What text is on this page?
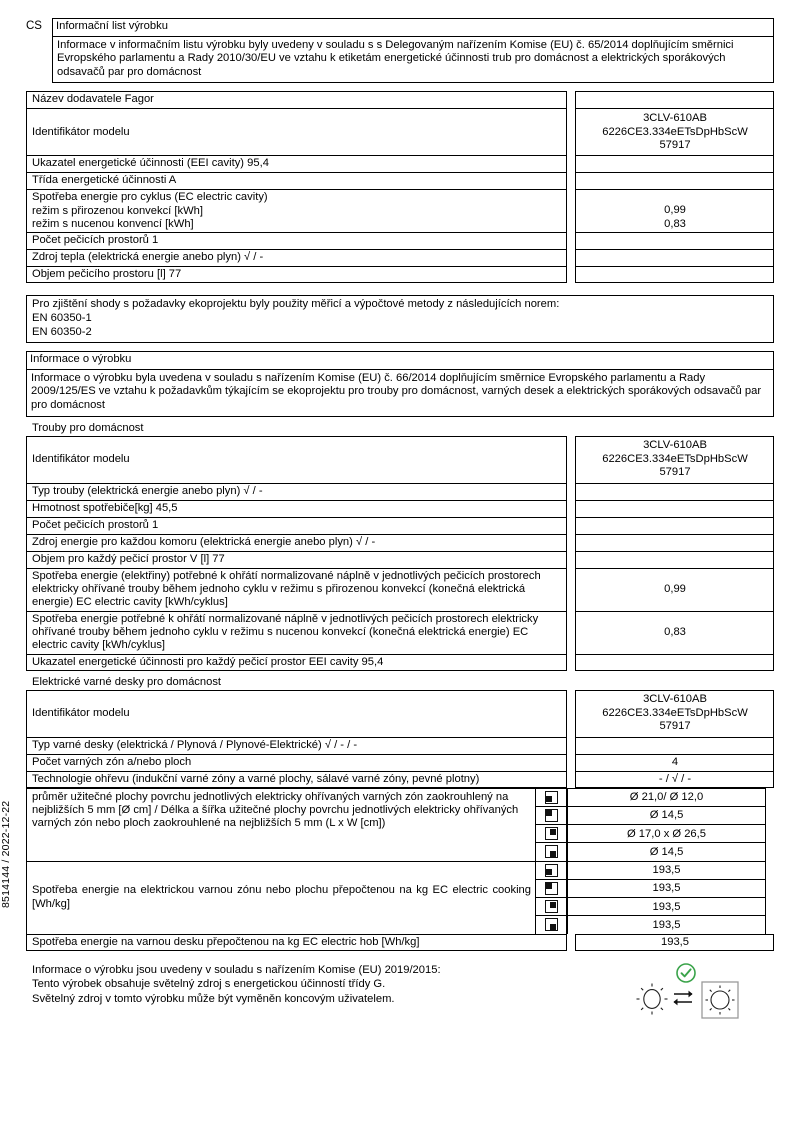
8514144 / 2022-12-22
CS	Informační list výrobku
Informace v informačním listu výrobku byly uvedeny v souladu s s Delegovaným nařízením Komise (EU) č. 65/2014 doplňujícím směrnici Evropského parlamentu a Rady 2010/30/EU ve vztahu k etiketám energetické účinnosti trub pro domácnost a elektrických sporákových odsavačů par pro domácnost
Název dodavatele Fagor
Identifikátor modelu
Ukazatel energetické účinnosti (EEI cavity) 95,4
Třída energetické účinnosti A
Spotřeba energie pro cyklus (EC electric cavity)
režim s přirozenou konvekcí [kWh]
režim s nucenou konvencí [kWh]
Počet pečicích prostorů 1
Zdroj tepla (elektrická energie anebo plyn) √ / -
Objem pečicího prostoru [l] 77
3CLV-610AB
6226CE3.334eETsDpHbScW
57917
0,99
0,83
Pro zjištění shody s požadavky ekoprojektu byly použity měřicí a výpočtové metody z následujících norem:
EN 60350-1
EN 60350-2
Informace o výrobku
Informace o výrobku byla uvedena v souladu s nařízením Komise (EU) č. 66/2014 doplňujícím směrnice Evropského parlamentu a Rady 2009/125/ES ve vztahu k požadavkům týkajícím se ekoprojektu pro trouby pro domácnost, varných desek a elektrických sporákových odsavačů par pro domácnost
Trouby pro domácnost
Identifikátor modelu
Typ trouby (elektrická energie anebo plyn) √ / -
Hmotnost spotřebiče[kg] 45,5
Počet pečicích prostorů 1
Zdroj energie pro každou komoru (elektrická energie anebo plyn) √ / -
Objem pro každý pečicí prostor V [l] 77
Spotřeba energie (elektřiny) potřebné k ohřátí normalizované náplně v jednotlivých pečicích prostorech elektricky ohřívané trouby během jednoho cyklu v režimu s přirozenou konvekcí (konečná elektrická energie) EC electric cavity [kWh/cyklus]
Spotřeba energie potřebné k ohřátí normalizované náplně v jednotlivých pečicích prostorech elektricky ohřívané trouby během jednoho cyklu v režimu s nucenou konvekcí (konečná elektrická energie) EC electric cavity [kWh/cyklus]
Ukazatel energetické účinnosti pro každý pečicí prostor EEI cavity 95,4
3CLV-610AB
6226CE3.334eETsDpHbScW
57917
0,99
0,83
Elektrické varné desky pro domácnost
Identifikátor modelu
Typ varné desky (elektrická / Plynová / Plynové-Elektrické) √ / - / -
Počet varných zón a/nebo ploch
Technologie ohřevu (indukční varné zóny a varné plochy, sálavé varné zóny, pevné plotny)
3CLV-610AB
6226CE3.334eETsDpHbScW
57917
4
- / √ / -
průměr užitečné plochy povrchu jednotlivých elektricky ohřívaných varných zón zaokrouhlený na nejbližších 5 mm [Ø cm] / Délka a šířka užitečné plochy povrchu jednotlivých elektricky ohřívaných varných zón nebo ploch zaokrouhlené na nejbližších 5 mm (L x W [cm])
Ø 21,0/ Ø 12,0
Ø 14,5
Ø 17,0 x Ø 26,5
Ø 14,5
Spotřeba energie na elektrickou varnou zónu nebo plochu přepočtenou na kg EC electric cooking [Wh/kg]
193,5
193,5
193,5
193,5
Spotřeba energie na varnou desku přepočtenou na kg EC electric hob [Wh/kg]	193,5
Informace o výrobku jsou uvedeny v souladu s nařízením Komise (EU) 2019/2015:
Tento výrobek obsahuje světelný zdroj s energetickou účinností třídy G.
Světelný zdroj v tomto výrobku může být vyměněn koncovým uživatelem.
